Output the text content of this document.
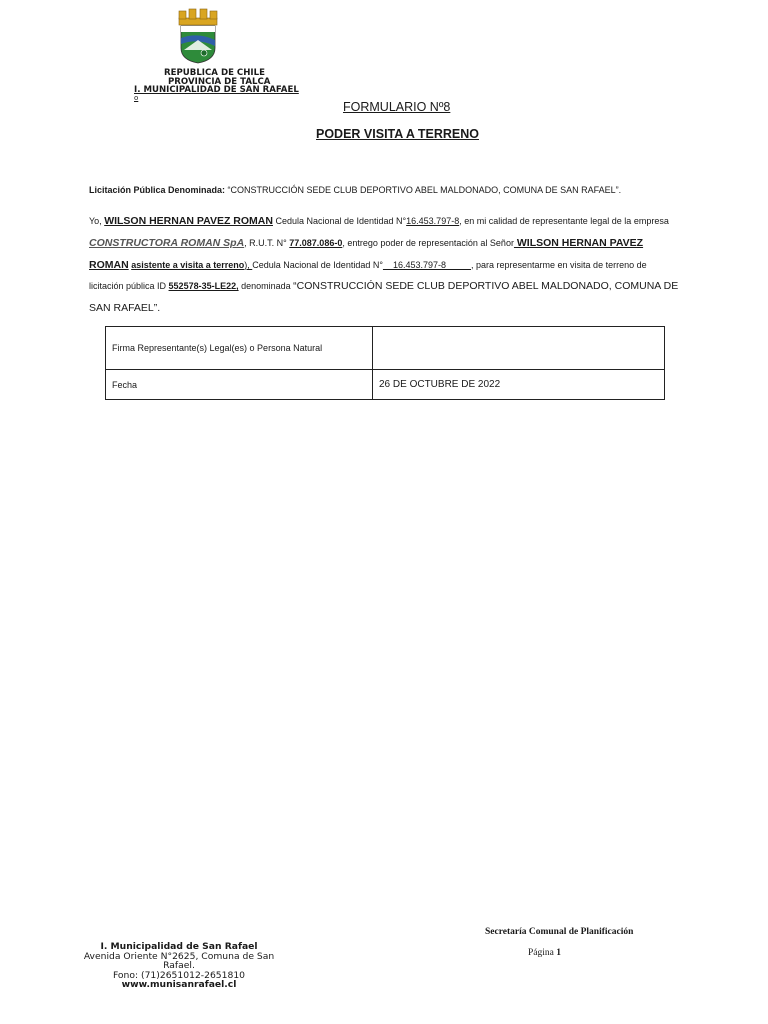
REPUBLICA DE CHILE
PROVINCIA DE TALCA
I. MUNICIPALIDAD DE SAN RAFAEL
o
FORMULARIO Nº8
PODER VISITA A TERRENO
Licitación Pública Denominada: “CONSTRUCCIÓN SEDE CLUB DEPORTIVO ABEL MALDONADO, COMUNA DE SAN RAFAEL”.
Yo, WILSON HERNAN PAVEZ ROMAN Cedula Nacional de Identidad N°16.453.797-8, en mi calidad de representante legal de la empresa
CONSTRUCTORA ROMAN SpA, R.U.T. N° 77.087.086-0, entrego poder de representación al Señor WILSON HERNAN PAVEZ
ROMAN asistente a visita a terreno), Cedula Nacional de Identidad N°    16.453.797-8          , para representarme en visita de terreno de
licitación pública ID 552578-35-LE22, denominada “CONSTRUCCIÓN SEDE CLUB DEPORTIVO ABEL MALDONADO, COMUNA DE
SAN RAFAEL”.
Firma Representante(s) Legal(es) o Persona Natural	
Fecha	26 DE OCTUBRE DE 2022
I. Municipalidad de San Rafael
Avenida Oriente N°2625, Comuna de San
Rafael.
Fono: (71)2651012-2651810
www.munisanrafael.cl
Secretaría Comunal de Planificación
Página 1
